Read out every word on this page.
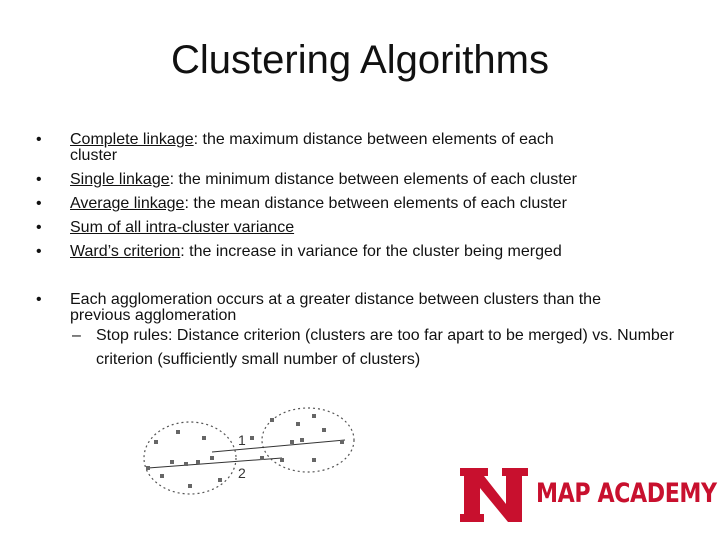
Clustering Algorithms
•
Complete linkage: the maximum distance between elements of each
cluster
•
Single linkage: the minimum distance between elements of each cluster
•
Average linkage: the mean distance between elements of each cluster
•
Sum of all intra-cluster variance
•
Ward’s criterion: the increase in variance for the cluster being merged
•
Each agglomeration occurs at a greater distance between clusters than the
previous agglomeration
– Stop rules: Distance criterion (clusters are too far apart to be merged) vs. Number criterion (sufficiently small number of clusters)
1
2
MAP ACADEMY
